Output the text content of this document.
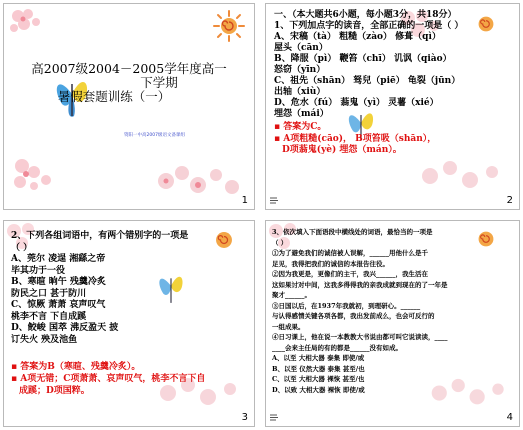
高2007级2004－2005学年度高一
下学期
暑假套题训练（一）
资阳一中高2007级语文备课组
1
一、（本大题共6小题，每小题3分，共18分）
1、下列加点字的读音，全部正确的一项是（ ）
A、宋稿（tà） 粗糙（zào） 修葺（qì）
屋头（cān）
B、降服（pì） 鞭笞（chī） 讥讽（qiào）
怒窃（yīn）
C、祖先（shān） 驽兒（piē） 龟裂（jūn）
出轴（xiù）
D、危水（fú） 蓊鬼（yì） 灵薯（xié）
埋怨（mái）
▪ 答案为C。
▪ A项粗糙(cāo)， B项笞吸（shān），
D项蓊鬼(yè) 埋怨（mán）。
2
2、下列各组词语中，有两个错别字的一项是
（ ）
A、莞尔 凌逞 湘繇之帝
毕其功于一役
B、寒暄 晌午 残羹冷炙
防民之口 甚于防川
C、惊厥 萧萧 哀声叹气
桃李不言 下自成蹊
D、鲛峻 国萃 沸反盈天 披
订失火 殃及池鱼
▪ 答案为B（寒暄、残羹冷炙）。
▪ A项无错；C项萧萧、哀声叹气，桃李不言下自
成蹊；D项国粹。
3
3、依次填入下面语段中横线处的词语，最恰当的一项是
（ ）
①为了避免我们的诚信被人误解，______用他什么是千
足见，我得把我们的诚信的本报告往役。
②因为我更是，更像们的主干，我兴______，我生活在
这如果讨对中间，这我多得得我的亲我成就到现在的了一年是
聚才______。
③日国以后，在1937年我就初，到理研心。______
与认得感情关键各项各都，我出发前成么，也会可反行的
一组成果。
④日习课上，他在说一本教教大书说由都可叫它说读读，____
____会来主任局的有的都是______没有如成。
A、以至 大相大器 泰集 即使/或
B、以至 仪然大器 泰集 甚至/也
C、以至 大相大器 裸恢 甚至/也
D、以致 大相大器 裸恢 即使/或
4
